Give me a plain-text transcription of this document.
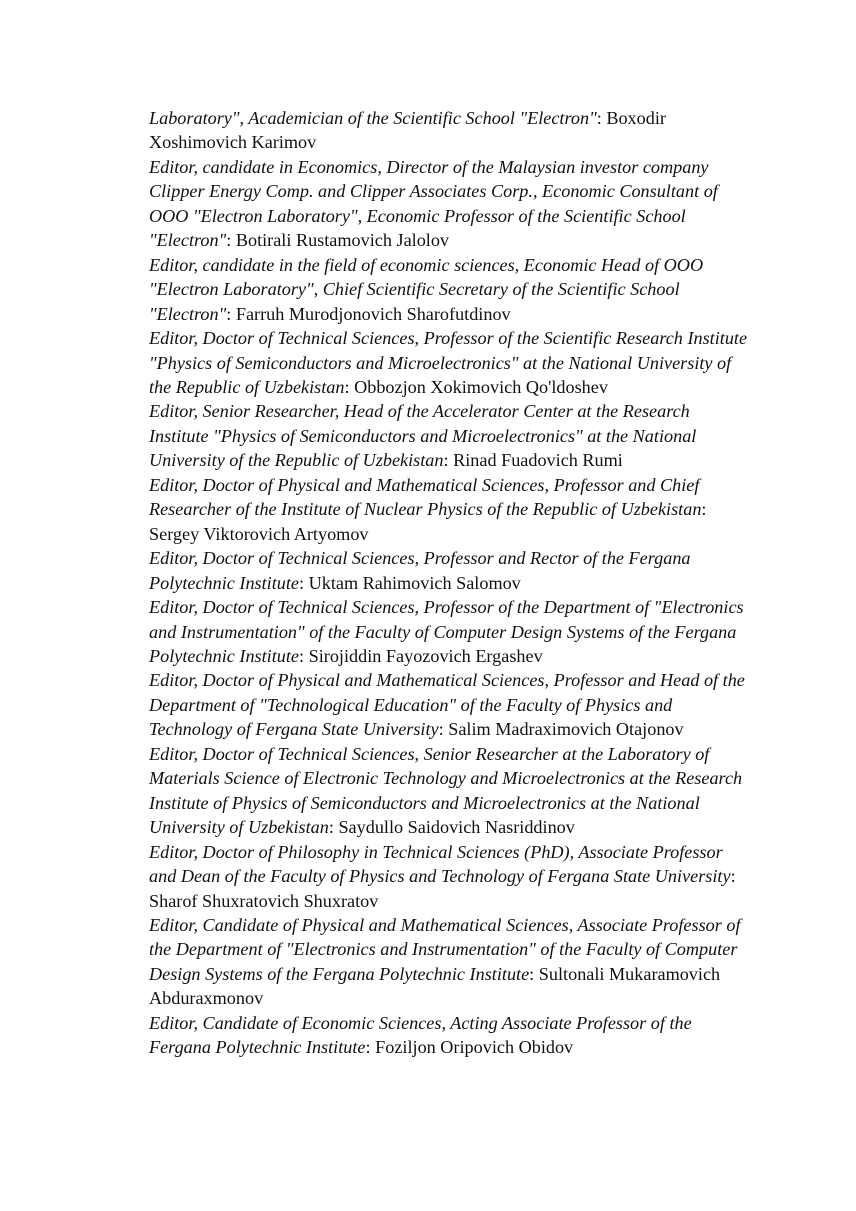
Laboratory", Academician of the Scientific School "Electron": Boxodir Xoshimovich Karimov

Editor, candidate in Economics, Director of the Malaysian investor company Clipper Energy Comp. and Clipper Associates Corp., Economic Consultant of OOO "Electron Laboratory", Economic Professor of the Scientific School "Electron": Botirali Rustamovich Jalolov

Editor, candidate in the field of economic sciences, Economic Head of OOO "Electron Laboratory", Chief Scientific Secretary of the Scientific School "Electron": Farruh Murodjonovich Sharofutdinov

Editor, Doctor of Technical Sciences, Professor of the Scientific Research Institute "Physics of Semiconductors and Microelectronics" at the National University of the Republic of Uzbekistan: Obbozjon Xokimovich Qo'ldoshev

Editor, Senior Researcher, Head of the Accelerator Center at the Research Institute "Physics of Semiconductors and Microelectronics" at the National University of the Republic of Uzbekistan: Rinad Fuadovich Rumi

Editor, Doctor of Physical and Mathematical Sciences, Professor and Chief Researcher of the Institute of Nuclear Physics of the Republic of Uzbekistan: Sergey Viktorovich Artyomov

Editor, Doctor of Technical Sciences, Professor and Rector of the Fergana Polytechnic Institute: Uktam Rahimovich Salomov

Editor, Doctor of Technical Sciences, Professor of the Department of "Electronics and Instrumentation" of the Faculty of Computer Design Systems of the Fergana Polytechnic Institute: Sirojiddin Fayozovich Ergashev

Editor, Doctor of Physical and Mathematical Sciences, Professor and Head of the Department of "Technological Education" of the Faculty of Physics and Technology of Fergana State University: Salim Madraximovich Otajonov

Editor, Doctor of Technical Sciences, Senior Researcher at the Laboratory of Materials Science of Electronic Technology and Microelectronics at the Research Institute of Physics of Semiconductors and Microelectronics at the National University of Uzbekistan: Saydullo Saidovich Nasriddinov

Editor, Doctor of Philosophy in Technical Sciences (PhD), Associate Professor and Dean of the Faculty of Physics and Technology of Fergana State University: Sharof Shuxratovich Shuxratov

Editor, Candidate of Physical and Mathematical Sciences, Associate Professor of the Department of "Electronics and Instrumentation" of the Faculty of Computer Design Systems of the Fergana Polytechnic Institute: Sultonali Mukaramovich Abduraxmonov

Editor, Candidate of Economic Sciences, Acting Associate Professor of the Fergana Polytechnic Institute: Foziljon Oripovich Obidov
